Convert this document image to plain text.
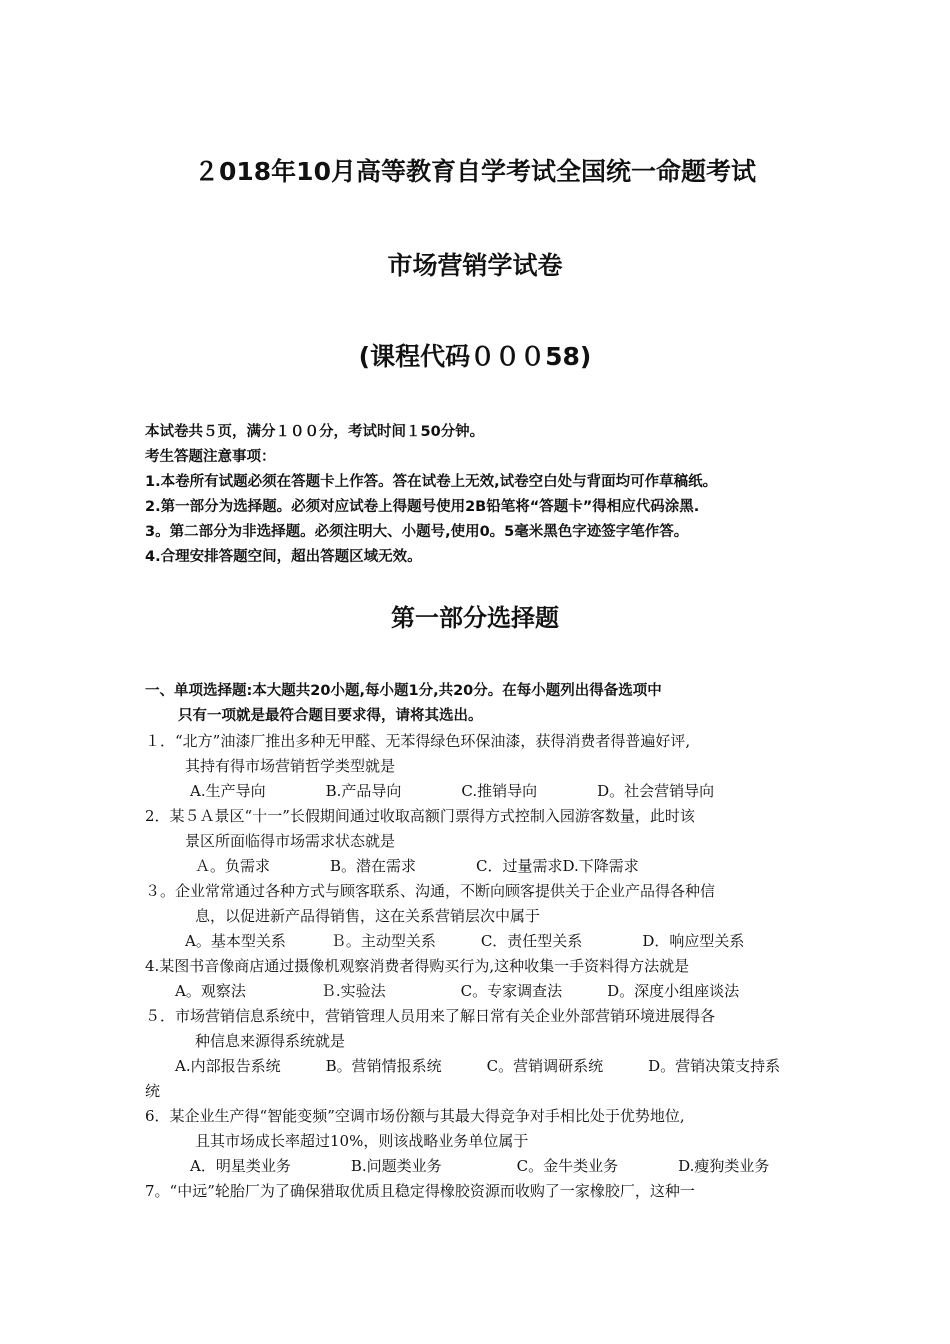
２018年10月高等教育自学考试全国统一命题考试
市场营销学试卷
(课程代码０００58)
本试卷共５页，满分１００分，考试时间１50分钟。
考生答题注意事项：
1.本卷所有试题必须在答题卡上作答。答在试卷上无效,试卷空白处与背面均可作草稿纸。
2.第一部分为选择题。必须对应试卷上得题号使用2B铅笔将“答题卡”得相应代码涂黑.
3。第二部分为非选择题。必须注明大、小题号,使用0。5毫米黑色字迹签字笔作答。
4.合理安排答题空间，超出答题区域无效。
第一部分选择题
一、单项选择题:本大题共20小题,每小题1分,共20分。在每小题列出得备选项中
只有一项就是最符合题目要求得，请将其选出。
１．“北方”油漆厂推出多种无甲醛、无苯得绿色环保油漆，获得消费者得普遍好评,
其持有得市场营销哲学类型就是
A.生产导向　　　　B.产品导向　　　　C.推销导向　　　　D。社会营销导向
2．某５Ａ景区“十一”长假期间通过收取高额门票得方式控制入园游客数量，此时该
景区所面临得市场需求状态就是
Ａ。负需求　　　　B。潜在需求　　　　C．过量需求D.下降需求
３。企业常常通过各种方式与顾客联系、沟通，不断向顾客提供关于企业产品得各种信
息，以促进新产品得销售，这在关系营销层次中属于
A。基本型关系　　　Ｂ。主动型关系　　　C．责任型关系　　　　D．响应型关系
4.某图书音像商店通过摄像机观察消费者得购买行为,这种收集一手资料得方法就是
A。观察法　　　　　Ｂ.实验法　　　　　C。专家调查法　　　D。深度小组座谈法
５．市场营销信息系统中，营销管理人员用来了解日常有关企业外部营销环境进展得各
种信息来源得系统就是
A.内部报告系统　　　B。营销情报系统　　　C。营销调研系统　　　D。营销决策支持系
统
6．某企业生产得“智能变频”空调市场份额与其最大得竞争对手相比处于优势地位,
且其市场成长率超过10%，则该战略业务单位属于
A．明星类业务　　　　B.问题类业务　　　　　C。金牛类业务　　　　D.瘦狗类业务
7。“中远”轮胎厂为了确保猎取优质且稳定得橡胶资源而收购了一家橡胶厂，这种一
